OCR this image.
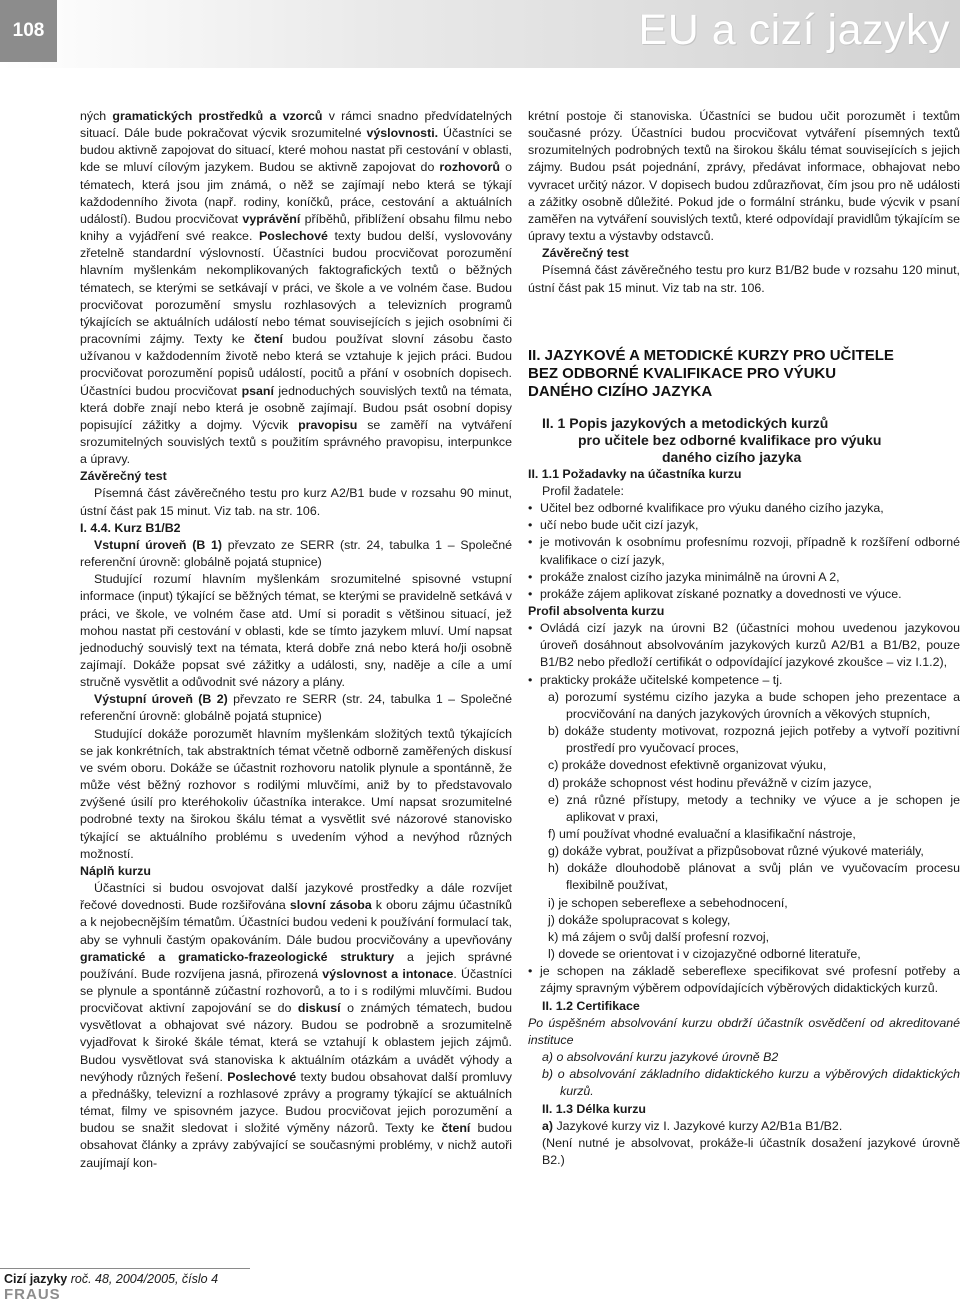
108	EU a cizí jazyky

ných gramatických prostředků a vzorců v rámci snadno předvídatelných situací. Dále bude pokračovat výcvik srozumitelné výslovnosti. Účastníci se budou aktivně zapojovat do situací, které mohou nastat při cestování v oblasti, kde se mluví cílovým jazykem. Budou se aktivně zapojovat do rozhovorů o tématech, která jsou jim známá, o něž se zajímají nebo která se týkají každodenního života (např. rodiny, koníčků, práce, cestování a aktuálních událostí). Budou procvičovat vyprávění příběhů, přiblížení obsahu filmu nebo knihy a vyjádření své reakce. Poslechové texty budou delší, vyslovovány zřetelně standardní výslovností. Účastníci budou procvičovat porozumění hlavním myšlenkám nekomplikovaných faktografických textů o běžných tématech, se kterými se setkávají v práci, ve škole a ve volném čase. Budou procvičovat porozumění smyslu rozhlasových a televizních programů týkajících se aktuálních událostí nebo témat souvisejících s jejich osobními či pracovními zájmy. Texty ke čtení budou používat slovní zásobu často užívanou v každodenním životě nebo která se vztahuje k jejich práci. Budou procvičovat porozumění popisů událostí, pocitů a přání v osobních dopisech. Účastníci budou procvičovat psaní jednoduchých souvislých textů na témata, která dobře znají nebo která je osobně zajímají. Budou psát osobní dopisy popisující zážitky a dojmy. Výcvik pravopisu se zaměří na vytváření srozumitelných souvislých textů s použitím správného pravopisu, interpunkce a úpravy.

Závěrečný test

Písemná část závěrečného testu pro kurz A2/B1 bude v rozsahu 90 minut, ústní část pak 15 minut. Viz tab. na str. 106.

I. 4.4. Kurz B1/B2

Vstupní úroveň (B 1) převzato ze SERR (str. 24, tabulka 1 – Společné referenční úrovně: globálně pojatá stupnice)

Studující rozumí hlavním myšlenkám srozumitelné spisovné vstupní informace (input) týkající se běžných témat, se kterými se pravidelně setkává v práci, ve škole, ve volném čase atd. Umí si poradit s většinou situací, jež mohou nastat při cestování v oblasti, kde se tímto jazykem mluví. Umí napsat jednoduchý souvislý text na témata, která dobře zná nebo která ho/ji osobně zajímají. Dokáže popsat své zážitky a události, sny, naděje a cíle a umí stručně vysvětlit a odůvodnit své názory a plány.

Výstupní úroveň (B 2) převzato re SERR (str. 24, tabulka 1 – Společné referenční úrovně: globálně pojatá stupnice)

Studující dokáže porozumět hlavním myšlenkám složitých textů týkajících se jak konkrétních, tak abstraktních témat včetně odborně zaměřených diskusí ve svém oboru. Dokáže se účastnit rozhovoru natolik plynule a spontánně, že může vést běžný rozhovor s rodilými mluvčími, aniž by to představovalo zvýšené úsilí pro kteréhokoliv účastníka interakce. Umí napsat srozumitelné podrobné texty na širokou škálu témat a vysvětlit své názorové stanovisko týkající se aktuálního problému s uvedením výhod a nevýhod různých možností.

Náplň kurzu

Účastníci si budou osvojovat další jazykové prostředky a dále rozvíjet řečové dovednosti. Bude rozšiřována slovní zásoba k oboru zájmu účastníků a k nejobecnějším tématům. Účastníci budou vedeni k používání formulací tak, aby se vyhnuli častým opakováním. Dále budou procvičovány a upevňovány gramatické a gramaticko-frazeologické struktury a jejich správné používání. Bude rozvíjena jasná, přirozená výslovnost a intonace. Účastníci se plynule a spontánně zúčastní rozhovorů, a to i s rodilými mluvčími. Budou procvičovat aktivní zapojování se do diskusí o známých tématech, budou vysvětlovat a obhajovat své názory. Budou se podrobně a srozumitelně vyjadřovat k široké škále témat, která se vztahují k oblastem jejich zájmů. Budou vysvětlovat svá stanoviska k aktuálním otázkám a uvádět výhody a nevýhody různých řešení. Poslechové texty budou obsahovat další promluvy a přednášky, televizní a rozhlasové zprávy a programy týkající se aktuálních témat, filmy ve spisovném jazyce. Budou procvičovat jejich porozumění a budou se snažit sledovat i složité výměny názorů. Texty ke čtení budou obsahovat články a zprávy zabývající se současnými problémy, v nichž autoři zaujímají kon-

krétní postoje či stanoviska. Účastníci se budou učit porozumět i textům současné prózy. Účastníci budou procvičovat vytváření písemných textů srozumitelných podrobných textů na širokou škálu témat souvisejících s jejich zájmy. Budou psát pojednání, zprávy, předávat informace, obhajovat nebo vyvracet určitý názor. V dopisech budou zdůrazňovat, čím jsou pro ně události a zážitky osobně důležité. Pokud jde o formální stránku, bude výcvik v psaní zaměřen na vytváření souvislých textů, které odpovídají pravidlům týkajícím se úpravy textu a výstavby odstavců.

Závěrečný test

Písemná část závěrečného testu pro kurz B1/B2 bude v rozsahu 120 minut, ústní část pak 15 minut. Viz tab na str. 106.

II. JAZYKOVÉ A METODICKÉ KURZY PRO UČITELE

BEZ ODBORNÉ KVALIFIKACE PRO VÝUKU

DANÉHO CIZÍHO JAZYKA

II. 1 Popis jazykových a metodických kurzů

pro učitele bez odborné kvalifikace pro výuku

daného cizího jazyka

II. 1.1 Požadavky na účastníka kurzu

Profil žadatele:

• Učitel bez odborné kvalifikace pro výuku daného cizího jazyka,
• učí nebo bude učit cizí jazyk,
• je motivován k osobnímu profesnímu rozvoji, případně k rozšíření odborné kvalifikace o cizí jazyk,
• prokáže znalost cizího jazyka minimálně na úrovni A 2,
• prokáže zájem aplikovat získané poznatky a dovednosti ve výuce.

Profil absolventa kurzu

• Ovládá cizí jazyk na úrovni B2 (účastníci mohou uvedenou jazykovou úroveň dosáhnout absolvováním jazykových kurzů A2/B1 a B1/B2, pouze B1/B2 nebo předloží certifikát o odpovídající jazykové zkoušce – viz I.1.2),
• prakticky prokáže učitelské kompetence – tj.
a) porozumí systému cizího jazyka a bude schopen jeho prezentace a procvičování na daných jazykových úrovních a věkových stupních,
b) dokáže studenty motivovat, rozpozná jejich potřeby a vytvoří pozitivní prostředí pro vyučovací proces,
c) prokáže dovednost efektivně organizovat výuku,
d) prokáže schopnost vést hodinu převážně v cizím jazyce,
e) zná různé přístupy, metody a techniky ve výuce a je schopen je aplikovat v praxi,
f) umí používat vhodné evaluační a klasifikační nástroje,
g) dokáže vybrat, používat a přizpůsobovat různé výukové materiály,
h) dokáže dlouhodobě plánovat a svůj plán ve vyučovacím procesu flexibilně používat,
i) je schopen sebereflexe a sebehodnocení,
j) dokáže spolupracovat s kolegy,
k) má zájem o svůj další profesní rozvoj,
l) dovede se orientovat i v cizojazyčné odborné literatuře,
• je schopen na základě sebereflexe specifikovat své profesní potřeby a zájmy spravným výběrem odpovídajících výběrových didaktických kurzů.

II. 1.2 Certifikace

Po úspěšném absolvování kurzu obdrží účastník osvědčení od akreditované instituce

a) o absolvování kurzu jazykové úrovně B2

b) o absolvování základního didaktického kurzu a výběrových didaktických kurzů.

II. 1.3 Délka kurzu

a) Jazykové kurzy viz I. Jazykové kurzy A2/B1a B1/B2.

(Není nutné je absolvovat, prokáže-li účastník dosažení jazykové úrovně B2.)

Cizí jazyky roč. 48, 2004/2005, číslo 4
FRAUS
